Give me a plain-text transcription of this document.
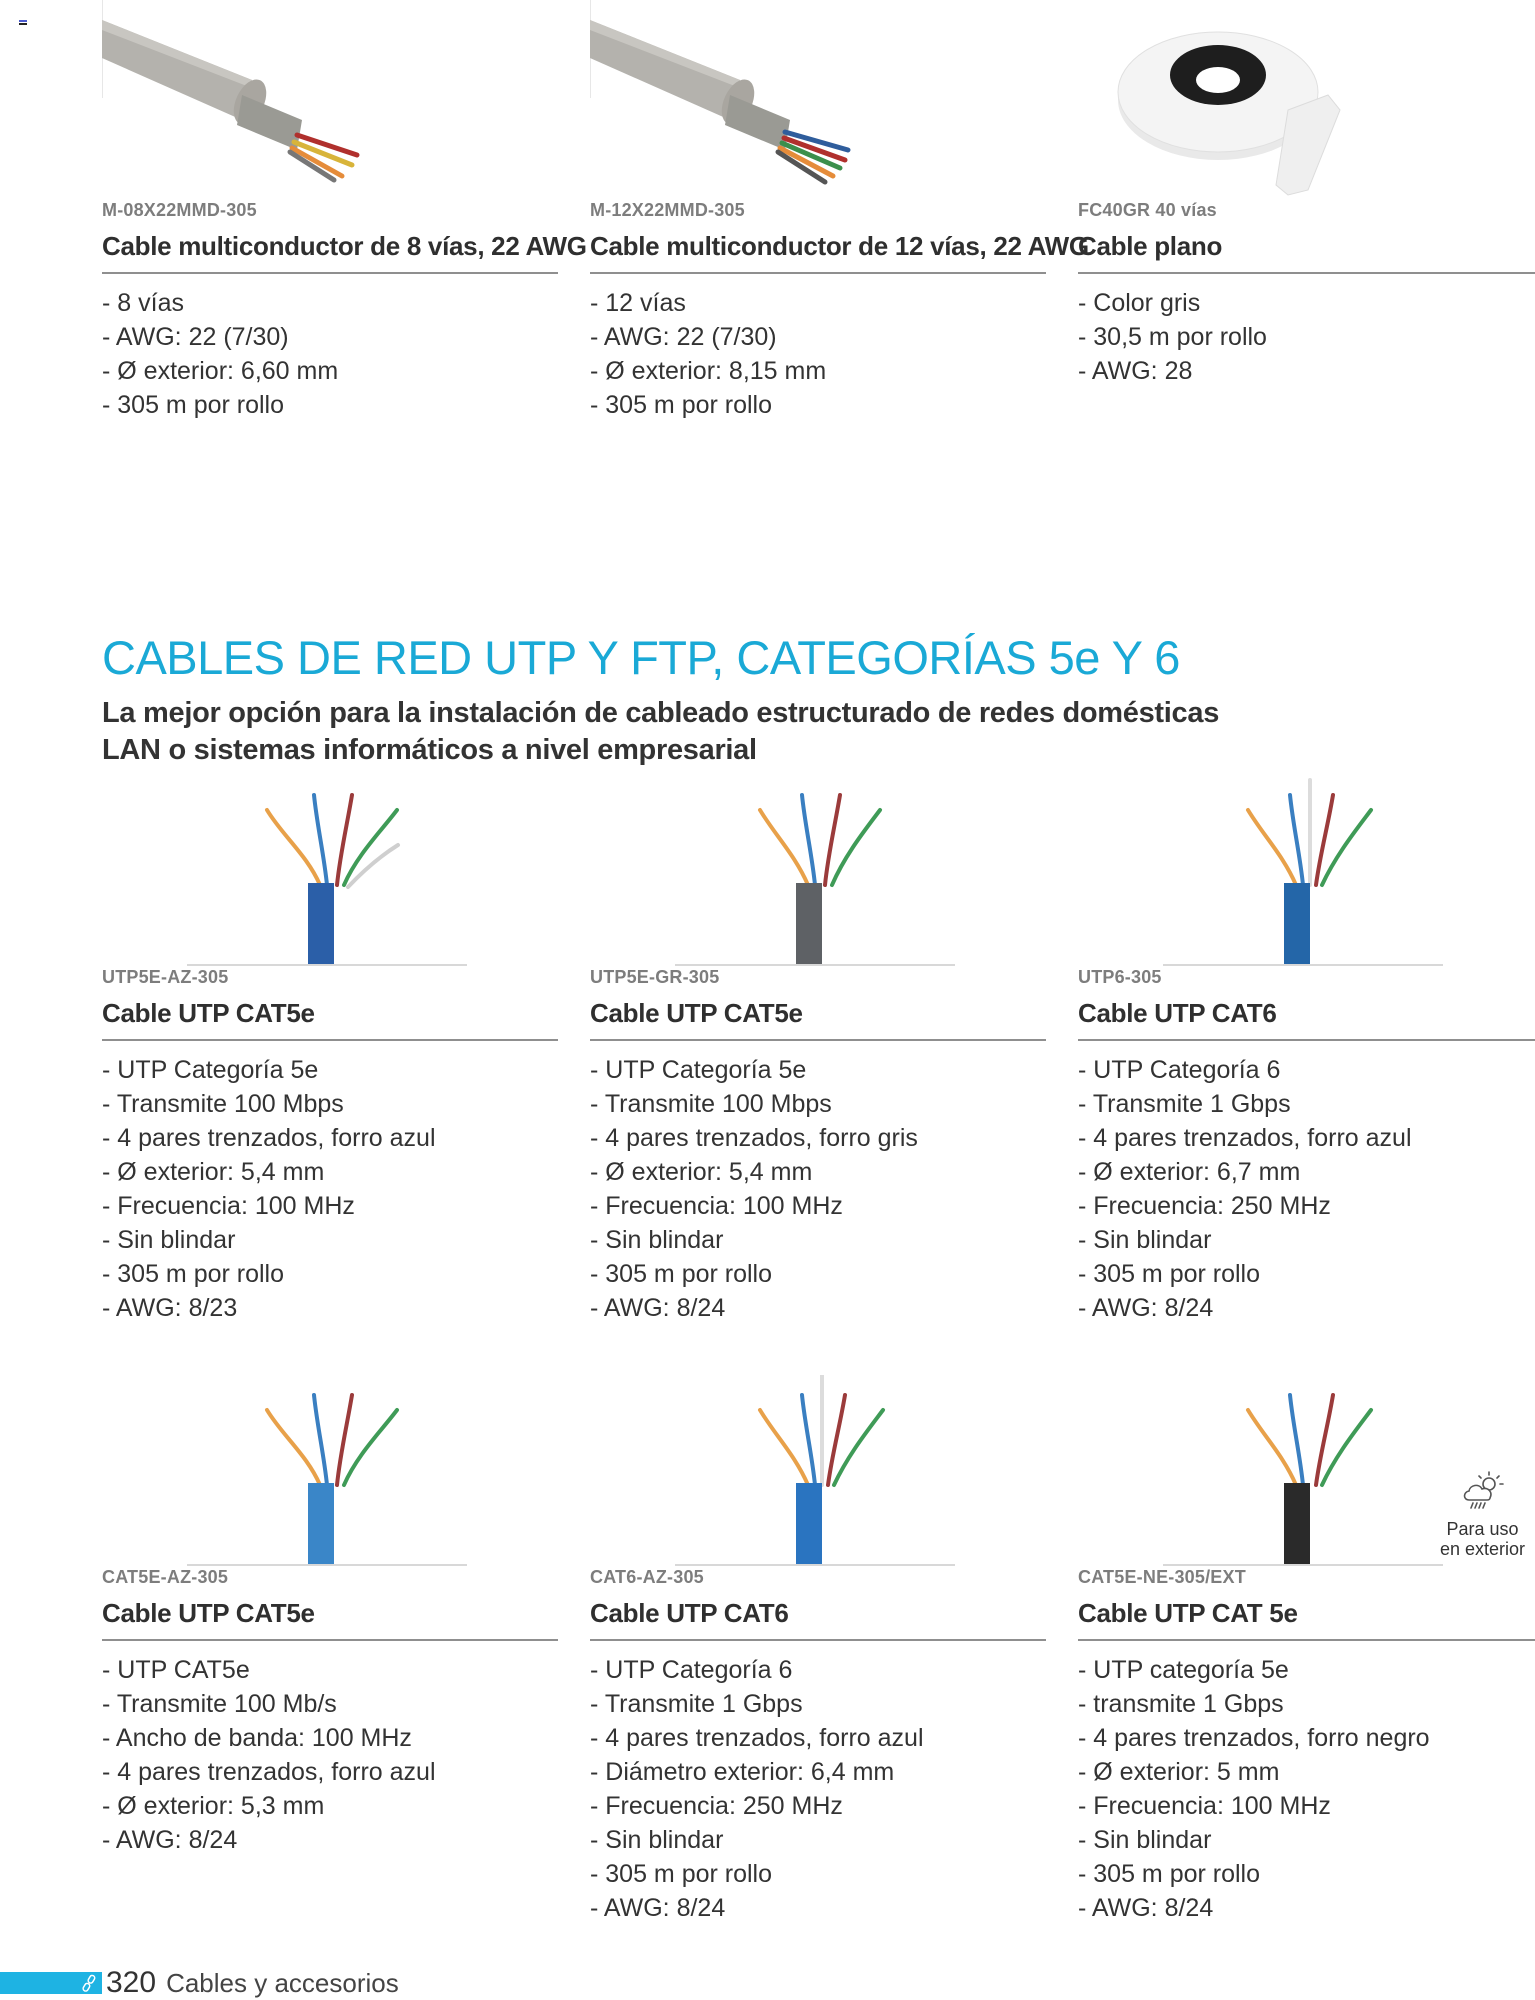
M-08X22MMD-305
Cable multiconductor de 8 vías, 22 AWG
- 8 vías
- AWG: 22 (7/30)
- Ø exterior: 6,60 mm
- 305 m por rollo
M-12X22MMD-305
Cable multiconductor de 12 vías, 22 AWG
- 12 vías
- AWG: 22 (7/30)
- Ø exterior: 8,15 mm
- 305 m por rollo
FC40GR 40 vías
Cable plano
- Color gris
- 30,5 m por rollo
- AWG: 28
CABLES DE RED UTP Y FTP, CATEGORÍAS 5e Y 6
La mejor opción para la instalación de cableado estructurado de redes domésticas
LAN o sistemas informáticos a nivel empresarial
UTP5E-AZ-305
Cable UTP CAT5e
- UTP Categoría 5e
- Transmite 100 Mbps
- 4 pares trenzados, forro azul
- Ø exterior: 5,4 mm
- Frecuencia: 100 MHz
- Sin blindar
- 305 m por rollo
- AWG: 8/23
UTP5E-GR-305
Cable UTP CAT5e
- UTP Categoría 5e
- Transmite 100 Mbps
- 4 pares trenzados, forro gris
- Ø exterior: 5,4 mm
- Frecuencia: 100 MHz
- Sin blindar
- 305 m por rollo
- AWG: 8/24
UTP6-305
Cable UTP CAT6
- UTP Categoría 6
- Transmite 1 Gbps
- 4 pares trenzados, forro azul
- Ø exterior: 6,7 mm
- Frecuencia: 250 MHz
- Sin blindar
- 305 m por rollo
- AWG: 8/24
CAT5E-AZ-305
Cable UTP CAT5e
- UTP CAT5e
- Transmite 100 Mb/s
- Ancho de banda: 100 MHz
- 4 pares trenzados, forro azul
- Ø exterior: 5,3 mm
- AWG: 8/24
CAT6-AZ-305
Cable UTP CAT6
- UTP Categoría 6
- Transmite 1 Gbps
- 4 pares trenzados, forro azul
- Diámetro exterior: 6,4 mm
- Frecuencia: 250 MHz
- Sin blindar
- 305 m por rollo
- AWG: 8/24
CAT5E-NE-305/EXT
Cable UTP CAT 5e
- UTP categoría 5e
- transmite 1 Gbps
- 4 pares trenzados, forro negro
- Ø exterior: 5 mm
- Frecuencia: 100 MHz
- Sin blindar
- 305 m por rollo
- AWG: 8/24
Para uso
en exterior
320 Cables y accesorios
